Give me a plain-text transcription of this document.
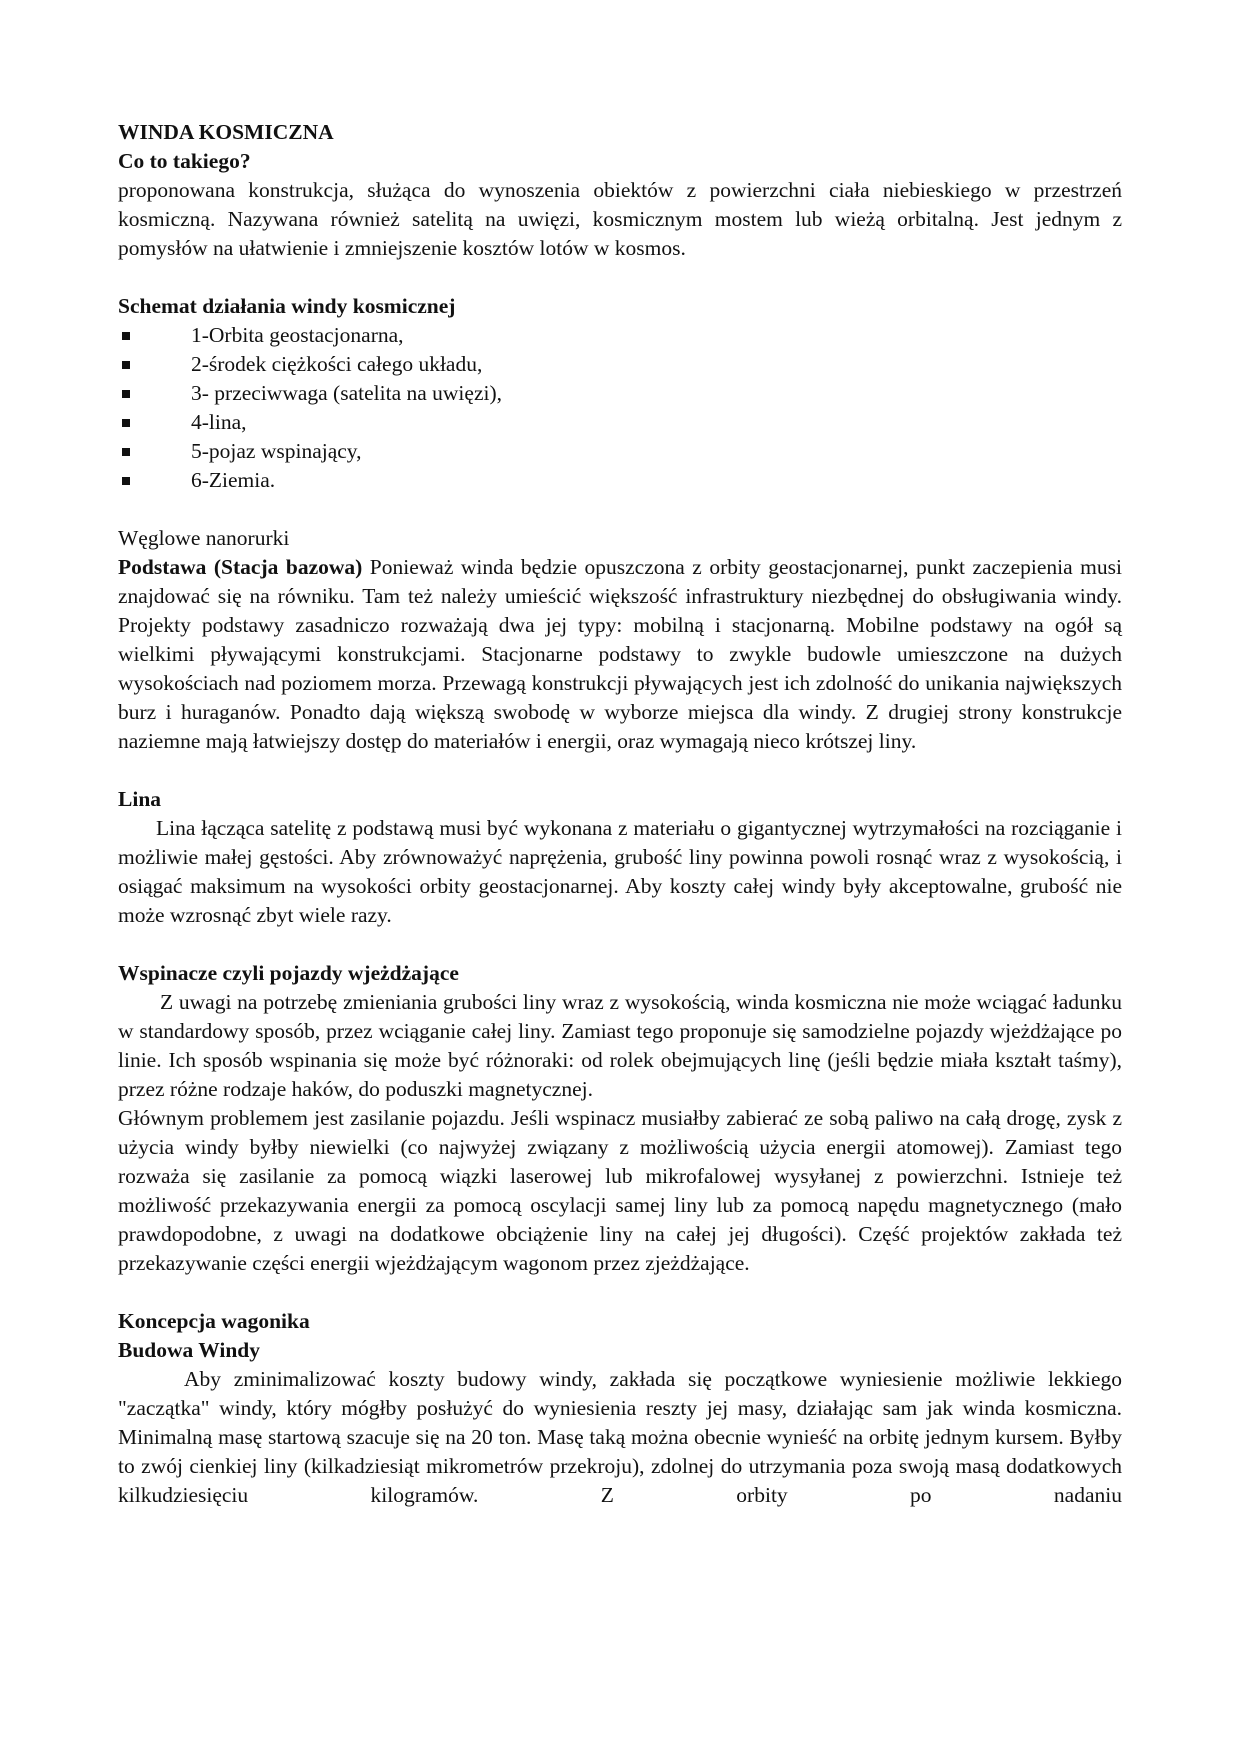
WINDA KOSMICZNA

Co to takiego?

proponowana konstrukcja, służąca do wynoszenia obiektów z powierzchni ciała niebieskiego w przestrzeń kosmiczną. Nazywana również satelitą na uwięzi, kosmicznym mostem lub wieżą orbitalną. Jest jednym z pomysłów na ułatwienie i zmniejszenie kosztów lotów w kosmos.

Schemat działania windy kosmicznej

1-Orbita geostacjonarna,
2-środek ciężkości całego układu,
3- przeciwwaga (satelita na uwięzi),
4-lina,
5-pojaz wspinający,
6-Ziemia.

Węglowe nanorurki

Podstawa (Stacja bazowa) Ponieważ winda będzie opuszczona z orbity geostacjonarnej, punkt zaczepienia musi znajdować się na równiku. Tam też należy umieścić większość infrastruktury niezbędnej do obsługiwania windy. Projekty podstawy zasadniczo rozważają dwa jej typy: mobilną i stacjonarną. Mobilne podstawy na ogół są wielkimi pływającymi konstrukcjami. Stacjonarne podstawy to zwykle budowle umieszczone na dużych wysokościach nad poziomem morza. Przewagą konstrukcji pływających jest ich zdolność do unikania największych burz i huraganów. Ponadto dają większą swobodę w wyborze miejsca dla windy. Z drugiej strony konstrukcje naziemne mają łatwiejszy dostęp do materiałów i energii, oraz wymagają nieco krótszej liny.

Lina

Lina łącząca satelitę z podstawą musi być wykonana z materiału o gigantycznej wytrzymałości na rozciąganie i możliwie małej gęstości. Aby zrównoważyć naprężenia, grubość liny powinna powoli rosnąć wraz z wysokością, i osiągać maksimum na wysokości orbity geostacjonarnej. Aby koszty całej windy były akceptowalne, grubość nie może wzrosnąć zbyt wiele razy.

Wspinacze czyli pojazdy wjeżdżające

Z uwagi na potrzebę zmieniania grubości liny wraz z wysokością, winda kosmiczna nie może wciągać ładunku w standardowy sposób, przez wciąganie całej liny. Zamiast tego proponuje się samodzielne pojazdy wjeżdżające po linie. Ich sposób wspinania się może być różnoraki: od rolek obejmujących linę (jeśli będzie miała kształt taśmy), przez różne rodzaje haków, do poduszki magnetycznej.

Głównym problemem jest zasilanie pojazdu. Jeśli wspinacz musiałby zabierać ze sobą paliwo na całą drogę, zysk z użycia windy byłby niewielki (co najwyżej związany z możliwością użycia energii atomowej). Zamiast tego rozważa się zasilanie za pomocą wiązki laserowej lub mikrofalowej wysyłanej z powierzchni. Istnieje też możliwość przekazywania energii za pomocą oscylacji samej liny lub za pomocą napędu magnetycznego (mało prawdopodobne, z uwagi na dodatkowe obciążenie liny na całej jej długości). Część projektów zakłada też przekazywanie części energii wjeżdżającym wagonom przez zjeżdżające.

Koncepcja wagonika

Budowa Windy

Aby zminimalizować koszty budowy windy, zakłada się początkowe wyniesienie możliwie lekkiego "zaczątka" windy, który mógłby posłużyć do wyniesienia reszty jej masy, działając sam jak winda kosmiczna.

Minimalną masę startową szacuje się na 20 ton. Masę taką można obecnie wynieść na orbitę jednym kursem. Byłby to zwój cienkiej liny (kilkadziesiąt mikrometrów przekroju), zdolnej do utrzymania poza swoją masą dodatkowych kilkudziesięciu kilogramów. Z orbity po nadaniu
